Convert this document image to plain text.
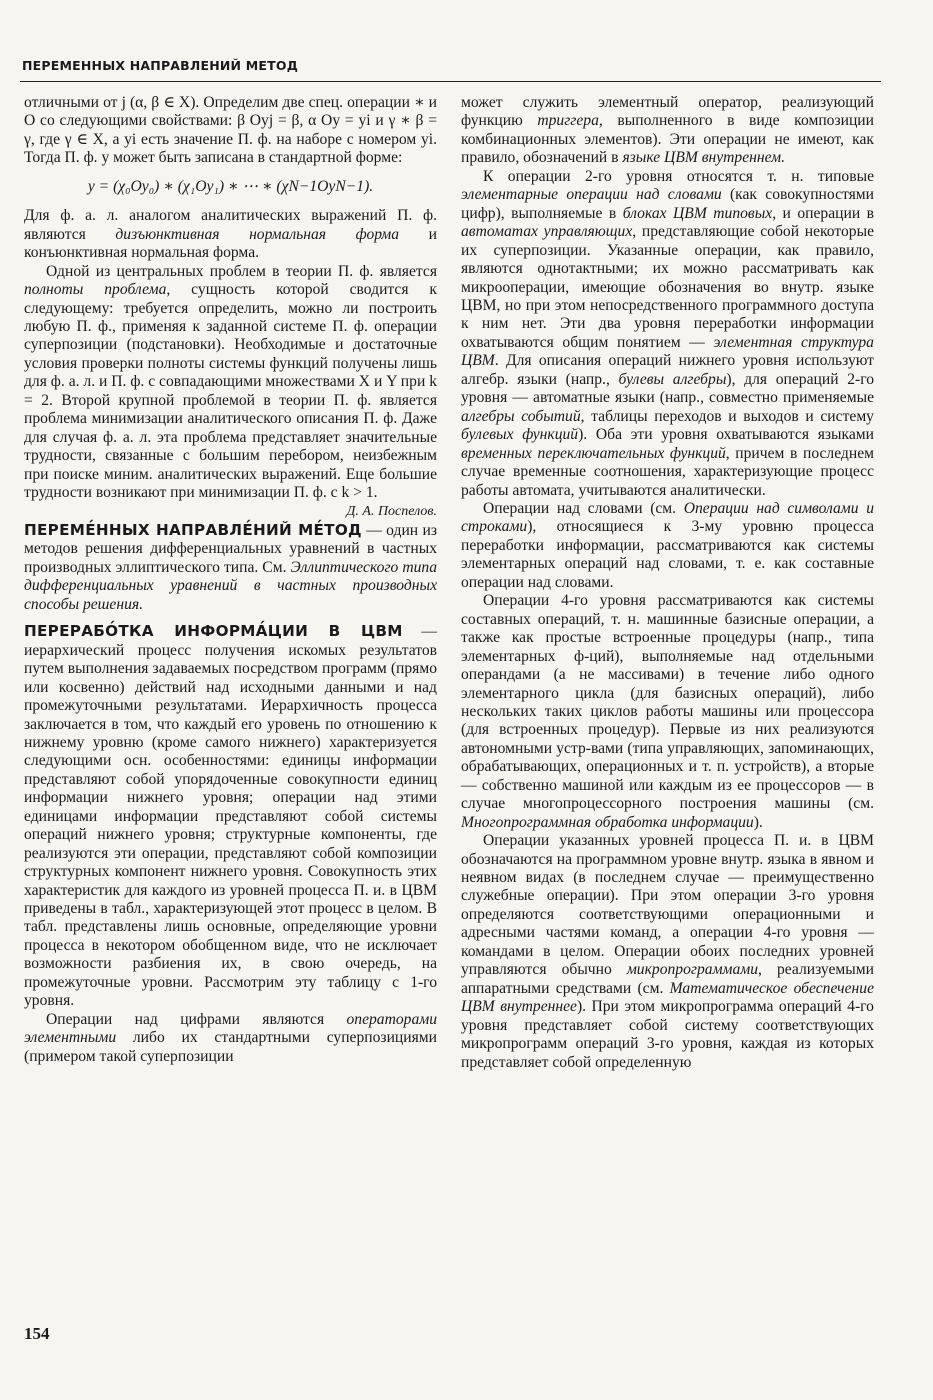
ПЕРЕМЕННЫХ НАПРАВЛЕНИЙ МЕТОД

отличными от j (α, β ∈ X). Определим две спец. операции ∗ и O со следующими свойствами: β Oyj = β, α Oy = yi и γ ∗ β = γ, где γ ∈ X, а yi есть значение П. ф. на наборе с номером yi. Тогда П. ф. y может быть записана в стандартной форме:

y = (χ₀Oy₀) ∗ (χ₁Oy₁) ∗ ⋯ ∗ (χN−1OyN−1).

Для ф. а. л. аналогом аналитических выражений П. ф. являются дизъюнктивная нормальная форма и конъюнктивная нормальная форма.

Одной из центральных проблем в теории П. ф. является полноты проблема, сущность которой сводится к следующему: требуется определить, можно ли построить любую П. ф., применяя к заданной системе П. ф. операции суперпозиции (подстановки). Необходимые и достаточные условия проверки полноты системы функций получены лишь для ф. а. л. и П. ф. с совпадающими множествами X и Y при k = 2. Второй крупной проблемой в теории П. ф. является проблема минимизации аналитического описания П. ф. Даже для случая ф. а. л. эта проблема представляет значительные трудности, связанные с большим перебором, неизбежным при поиске миним. аналитических выражений. Еще большие трудности возникают при минимизации П. ф. с k > 1.

Д. А. Поспелов.

ПЕРЕМЕ́ННЫХ НАПРАВЛЕ́НИЙ МЕ́ТОД — один из методов решения дифференциальных уравнений в частных производных эллиптического типа. См. Эллиптического типа дифференциальных уравнений в частных производных способы решения.

ПЕРЕРАБО́ТКА ИНФОРМА́ЦИИ В ЦВМ — иерархический процесс получения искомых результатов путем выполнения задаваемых посредством программ (прямо или косвенно) действий над исходными данными и над промежуточными результатами. Иерархичность процесса заключается в том, что каждый его уровень по отношению к нижнему уровню (кроме самого нижнего) характеризуется следующими осн. особенностями: единицы информации представляют собой упорядоченные совокупности единиц информации нижнего уровня; операции над этими единицами информации представляют собой системы операций нижнего уровня; структурные компоненты, где реализуются эти операции, представляют собой композиции структурных компонент нижнего уровня. Совокупность этих характеристик для каждого из уровней процесса П. и. в ЦВМ приведены в табл., характеризующей этот процесс в целом. В табл. представлены лишь основные, определяющие уровни процесса в некотором обобщенном виде, что не исключает возможности разбиения их, в свою очередь, на промежуточные уровни. Рассмотрим эту таблицу с 1-го уровня.

Операции над цифрами являются операторами элементными либо их стандартными суперпозициями (примером такой суперпозиции

может служить элементный оператор, реализующий функцию триггера, выполненного в виде композиции комбинационных элементов). Эти операции не имеют, как правило, обозначений в языке ЦВМ внутреннем.

К операции 2-го уровня относятся т. н. типовые элементарные операции над словами (как совокупностями цифр), выполняемые в блоках ЦВМ типовых, и операции в автоматах управляющих, представляющие собой некоторые их суперпозиции. Указанные операции, как правило, являются однотактными; их можно рассматривать как микрооперации, имеющие обозначения во внутр. языке ЦВМ, но при этом непосредственного программного доступа к ним нет. Эти два уровня переработки информации охватываются общим понятием — элементная структура ЦВМ. Для описания операций нижнего уровня используют алгебр. языки (напр., булевы алгебры), для операций 2-го уровня — автоматные языки (напр., совместно применяемые алгебры событий, таблицы переходов и выходов и систему булевых функций). Оба эти уровня охватываются языками временных переключательных функций, причем в последнем случае временные соотношения, характеризующие процесс работы автомата, учитываются аналитически.

Операции над словами (см. Операции над символами и строками), относящиеся к 3-му уровню процесса переработки информации, рассматриваются как системы элементарных операций над словами, т. е. как составные операции над словами.

Операции 4-го уровня рассматриваются как системы составных операций, т. н. машинные базисные операции, а также как простые встроенные процедуры (напр., типа элементарных ф-ций), выполняемые над отдельными операндами (а не массивами) в течение либо одного элементарного цикла (для базисных операций), либо нескольких таких циклов работы машины или процессора (для встроенных процедур). Первые из них реализуются автономными устр-вами (типа управляющих, запоминающих, обрабатывающих, операционных и т. п. устройств), а вторые — собственно машиной или каждым из ее процессоров — в случае многопроцессорного построения машины (см. Многопрограммная обработка информации).

Операции указанных уровней процесса П. и. в ЦВМ обозначаются на программном уровне внутр. языка в явном и неявном видах (в последнем случае — преимущественно служебные операции). При этом операции 3-го уровня определяются соответствующими операционными и адресными частями команд, а операции 4-го уровня — командами в целом. Операции обоих последних уровней управляются обычно микропрограммами, реализуемыми аппаратными средствами (см. Математическое обеспечение ЦВМ внутреннее). При этом микропрограмма операций 4-го уровня представляет собой систему соответствующих микропрограмм операций 3-го уровня, каждая из которых представляет собой определенную

154
